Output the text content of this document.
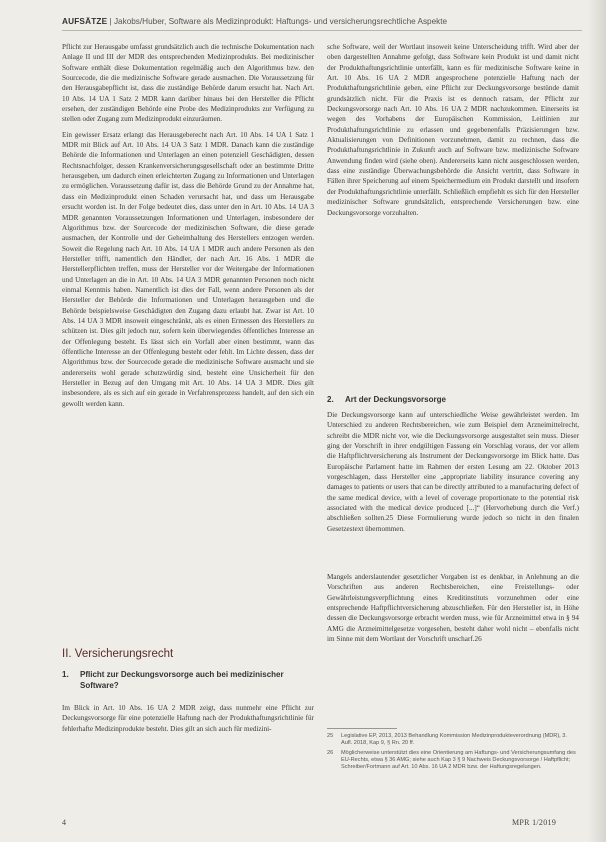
AUFSÄTZE | Jakobs/Huber, Software als Medizinprodukt: Haftungs- und versicherungsrechtliche Aspekte

Pflicht zur Herausgabe umfasst grundsätzlich auch die technische Dokumentation nach Anlage II und III der MDR des entsprechenden Medizinprodukts. Bei medizinischer Software enthält diese Dokumentation regelmäßig auch den Algorithmus bzw. den Sourcecode, die die medizinische Software gerade ausmachen. Die Voraussetzung für den Herausgabepflicht ist, dass die zuständige Behörde darum ersucht hat. Nach Art. 10 Abs. 14 UA 1 Satz 2 MDR kann darüber hinaus bei den Hersteller die Pflicht ersehen, der zuständigen Behörde eine Probe des Medizinprodukts zur Verfügung zu stellen oder Zugang zum Medizinprodukt einzuräumen.

Ein gewisser Ersatz erlangt das Herausgeberecht nach Art. 10 Abs. 14 UA 1 Satz 1 MDR mit Blick auf Art. 10 Abs. 14 UA 3 Satz 1 MDR. Danach kann die zuständige Behörde die Informationen und Unterlagen an einen potenziell Geschädigten, dessen Rechtsnachfolger, dessen Krankenversicherungsgesellschaft oder an bestimmte Dritte herausgeben, um dadurch einen erleichterten Zugang zu Informationen und Unterlagen zu ermöglichen. Voraussetzung dafür ist, dass die Behörde Grund zu der Annahme hat, dass ein Medizinprodukt einen Schaden verursacht hat, und dass um Herausgabe ersucht worden ist. In der Folge bedeutet dies, dass unter den in Art. 10 Abs. 14 UA 3 MDR genannten Voraussetzungen Informationen und Unterlagen, insbesondere der Algorithmus bzw. der Sourcecode der medizinischen Software, die diese gerade ausmachen, der Kontrolle und der Geheimhaltung des Herstellers entzogen werden. Soweit die Regelung nach Art. 10 Abs. 14 UA 1 MDR auch andere Personen als den Hersteller trifft, namentlich den Händler, der nach Art. 16 Abs. 1 MDR die Herstellerpflichten treffen, muss der Hersteller vor der Weitergabe der Informationen und Unterlagen an die in Art. 10 Abs. 14 UA 3 MDR genannten Personen noch nicht einmal Kenntnis haben. Namentlich ist dies der Fall, wenn andere Personen als der Hersteller der Behörde die Informationen und Unterlagen herausgeben und die Behörde beispielsweise Geschädigten den Zugang dazu erlaubt hat. Zwar ist Art. 10 Abs. 14 UA 3 MDR insoweit eingeschränkt, als es einen Ermessen des Herstellers zu schützen ist. Dies gilt jedoch nur, sofern kein überwiegendes öffentliches Interesse an der Offenlegung besteht. Es lässt sich ein Vorfall aber einen bestimmt, wann das öffentliche Interesse an der Offenlegung besteht oder fehlt. Im Lichte dessen, dass der Algorithmus bzw. der Sourcecode gerade die medizinische Software ausmacht und sie andererseits wohl gerade schutzwürdig sind, besteht eine Unsicherheit für den Hersteller in Bezug auf den Umgang mit Art. 10 Abs. 14 UA 3 MDR. Dies gilt insbesondere, als es sich auf ein gerade in Verfahrensprozess handelt, auf den sich ein gewollt werden kann.

II. Versicherungsrecht
1. Pflicht zur Deckungsvorsorge auch bei medizinischer Software?

Im Blick in Art. 10 Abs. 16 UA 2 MDR zeigt, dass nunmehr eine Pflicht zur Deckungsvorsorge für eine potenzielle Haftung nach der Produkthaftungsrichtlinie für fehlerhafte Medizinprodukte besteht. Dies gilt an sich auch für medizini-

sche Software, weil der Wortlaut insoweit keine Unterscheidung trifft. Wird aber der oben dargestellten Annahme gefolgt, dass Software kein Produkt ist und damit nicht der Produkthaftungsrichtlinie unterfällt, kann es für medizinische Software keine in Art. 10 Abs. 16 UA 2 MDR angesprochene potenzielle Haftung nach der Produkthaftungsrichtlinie geben, eine Pflicht zur Deckungsvorsorge bestünde damit grundsätzlich nicht. Für die Praxis ist es dennoch ratsam, der Pflicht zur Deckungsvorsorge nach Art. 10 Abs. 16 UA 2 MDR nachzukommen. Einerseits ist wegen des Vorhabens der Europäischen Kommission, Leitlinien zur Produkthaftungsrichtlinie zu erlassen und gegebenenfalls Präzisierungen bzw. Aktualisierungen von Definitionen vorzunehmen, damit zu rechnen, dass die Produkthaftungsrichtlinie in Zukunft auch auf Software bzw. medizinische Software Anwendung finden wird (siehe oben). Andererseits kann nicht ausgeschlossen werden, dass eine zuständige Überwachungsbehörde die Ansicht vertritt, dass Software in Fällen ihrer Speicherung auf einem Speichermedium ein Produkt darstellt und insofern der Produkthaftungsrichtlinie unterfällt. Schließlich empfiehlt es sich für den Hersteller medizinischer Software grundsätzlich, entsprechende Versicherungen bzw. eine Deckungsvorsorge vorzuhalten.

2. Art der Deckungsvorsorge

Die Deckungsvorsorge kann auf unterschiedliche Weise gewährleistet werden. Im Unterschied zu anderen Rechtsbereichen, wie zum Beispiel dem Arzneimittelrecht, schreibt die MDR nicht vor, wie die Deckungsvorsorge ausgestaltet sein muss. Dieser ging der Vorschrift in ihrer endgültigen Fassung ein Vorschlag voraus, der vor allem die Haftpflichtversicherung als Instrument der Deckungsvorsorge im Blick hatte. Das Europäische Parlament hatte im Rahmen der ersten Lesung am 22. Oktober 2013 vorgeschlagen, dass Hersteller eine „appropriate liability insurance covering any damages to patients or users that can be directly attributed to a manufacturing defect of the same medical device, with a level of coverage proportionate to the potential risk associated with the medical device produced [...]“ (Hervorhebung durch die Verf.) abschließen sollten.25 Diese Formulierung wurde jedoch so nicht in den finalen Gesetzestext übernommen.

Mangels anderslautender gesetzlicher Vorgaben ist es denkbar, in Anlehnung an die Vorschriften aus anderen Rechtsbereichen, eine Freistellungs- oder Gewährleistungsverpflichtung eines Kreditinstituts vorzunehmen oder eine entsprechende Haftpflichtversicherung abzuschließen. Für den Hersteller ist, in Höhe dessen die Deckungsvorsorge erbracht werden muss, wie für Arzneimittel etwa in § 94 AMG die Arzneimittelgesetze vorgesehen, besteht daher wohl nicht – ebenfalls nicht im Sinne mit dem Wortlaut der Vorschrift unscharf.26

25	Legislative EP, 2013, 2013 Behandlung Kommission Medizinprodukteverordnung (MDR), 3. Aufl. 2018, Kap 9, § Rn. 20 ff.
26	Möglicherweise unterstützt dies eine Orientierung am Haftungs- und Versicherungsumfang des EU-Rechts, etwa § 36 AMG; siehe auch Kap 3 § 9 Nachweis Deckungsvorsorge / Haftpflicht; Schreiber/Fortmann auf Art. 10 Abs. 16 UA 2 MDR bzw. der Haftungsregelungen.
4	MPR 1/2019
